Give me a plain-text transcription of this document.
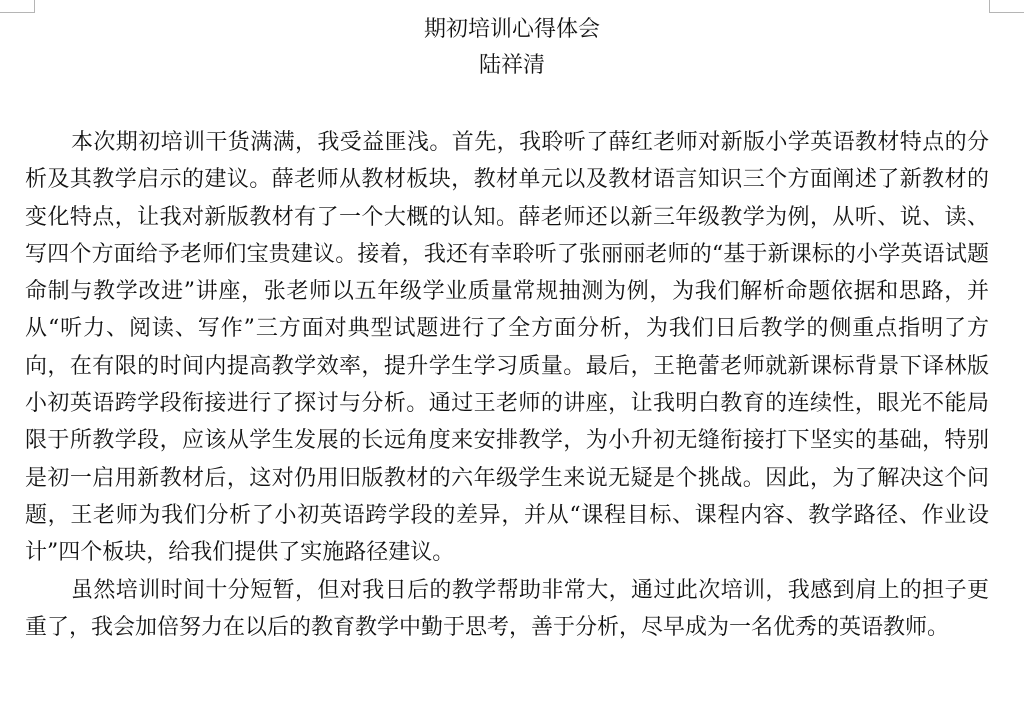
期初培训心得体会

陆祥清

本次期初培训干货满满，我受益匪浅。首先，我聆听了薛红老师对新版小学英语教材特点的分析及其教学启示的建议。薛老师从教材板块，教材单元以及教材语言知识三个方面阐述了新教材的变化特点，让我对新版教材有了一个大概的认知。薛老师还以新三年级教学为例，从听、说、读、写四个方面给予老师们宝贵建议。接着，我还有幸聆听了张丽丽老师的“基于新课标的小学英语试题命制与教学改进”讲座，张老师以五年级学业质量常规抽测为例，为我们解析命题依据和思路，并从“听力、阅读、写作”三方面对典型试题进行了全方面分析，为我们日后教学的侧重点指明了方向，在有限的时间内提高教学效率，提升学生学习质量。最后，王艳蕾老师就新课标背景下译林版小初英语跨学段衔接进行了探讨与分析。通过王老师的讲座，让我明白教育的连续性，眼光不能局限于所教学段，应该从学生发展的长远角度来安排教学，为小升初无缝衔接打下坚实的基础，特别是初一启用新教材后，这对仍用旧版教材的六年级学生来说无疑是个挑战。因此，为了解决这个问题，王老师为我们分析了小初英语跨学段的差异，并从“课程目标、课程内容、教学路径、作业设计”四个板块，给我们提供了实施路径建议。

虽然培训时间十分短暂，但对我日后的教学帮助非常大，通过此次培训，我感到肩上的担子更重了，我会加倍努力在以后的教育教学中勤于思考，善于分析，尽早成为一名优秀的英语教师。
